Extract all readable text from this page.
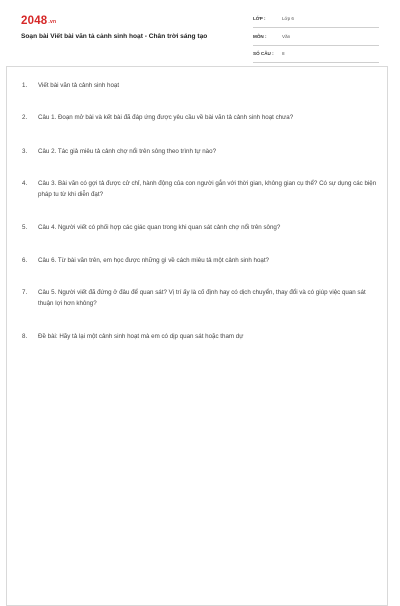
2048.vn
Soạn bài Viết bài văn tả cảnh sinh hoạt - Chân trời sáng tạo
LỚP :	Lớp 6
MÔN :	Văn
SỐ CÂU : 8
1. Viết bài văn tả cảnh sinh hoạt
2. Câu 1. Đoạn mở bài và kết bài đã đáp ứng được yêu cầu về bài văn tả cảnh sinh hoạt chưa?
3. Câu 2. Tác giả miêu tả cảnh chợ nổi trên sông theo trình tự nào?
4. Câu 3. Bài văn có gợi tả được cử chỉ, hành động của con người gắn với thời gian, không gian cụ thể? Có sự dụng các biện pháp tu từ khi diễn đạt?
5. Câu 4. Người viết có phối hợp các giác quan trong khi quan sát cảnh chợ nổi trên sông?
6. Câu 6. Từ bài văn trên, em học được những gì về cách miêu tả một cảnh sinh hoạt?
7. Câu 5. Người viết đã đứng ở đâu để quan sát? Vị trí ấy là cố định hay có dịch chuyển, thay đổi và có giúp việc quan sát thuận lợi hơn không?
8. Đề bài: Hãy tả lại một cảnh sinh hoạt mà em có dịp quan sát hoặc tham dự
